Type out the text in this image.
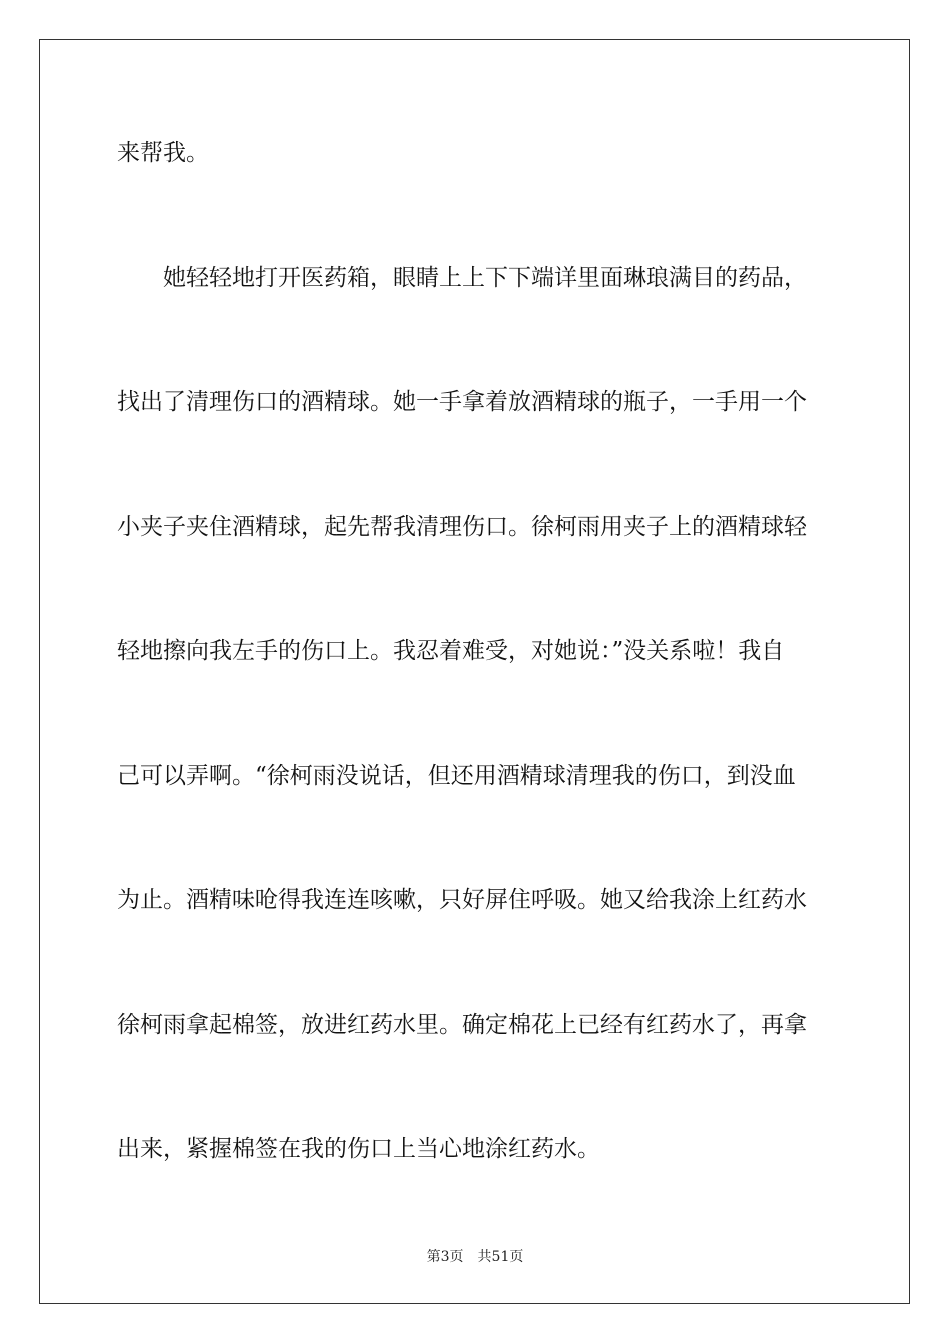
来帮我。
她轻轻地打开医药箱，眼睛上上下下端详里面琳琅满目的药品，
找出了清理伤口的酒精球。她一手拿着放酒精球的瓶子，一手用一个
小夹子夹住酒精球，起先帮我清理伤口。徐柯雨用夹子上的酒精球轻
轻地擦向我左手的伤口上。我忍着难受，对她说：”没关系啦！我自
己可以弄啊。“徐柯雨没说话，但还用酒精球清理我的伤口，到没血
为止。酒精味呛得我连连咳嗽，只好屏住呼吸。她又给我涂上红药水
徐柯雨拿起棉签，放进红药水里。确定棉花上已经有红药水了，再拿
出来，紧握棉签在我的伤口上当心地涂红药水。
第3页 共51页
